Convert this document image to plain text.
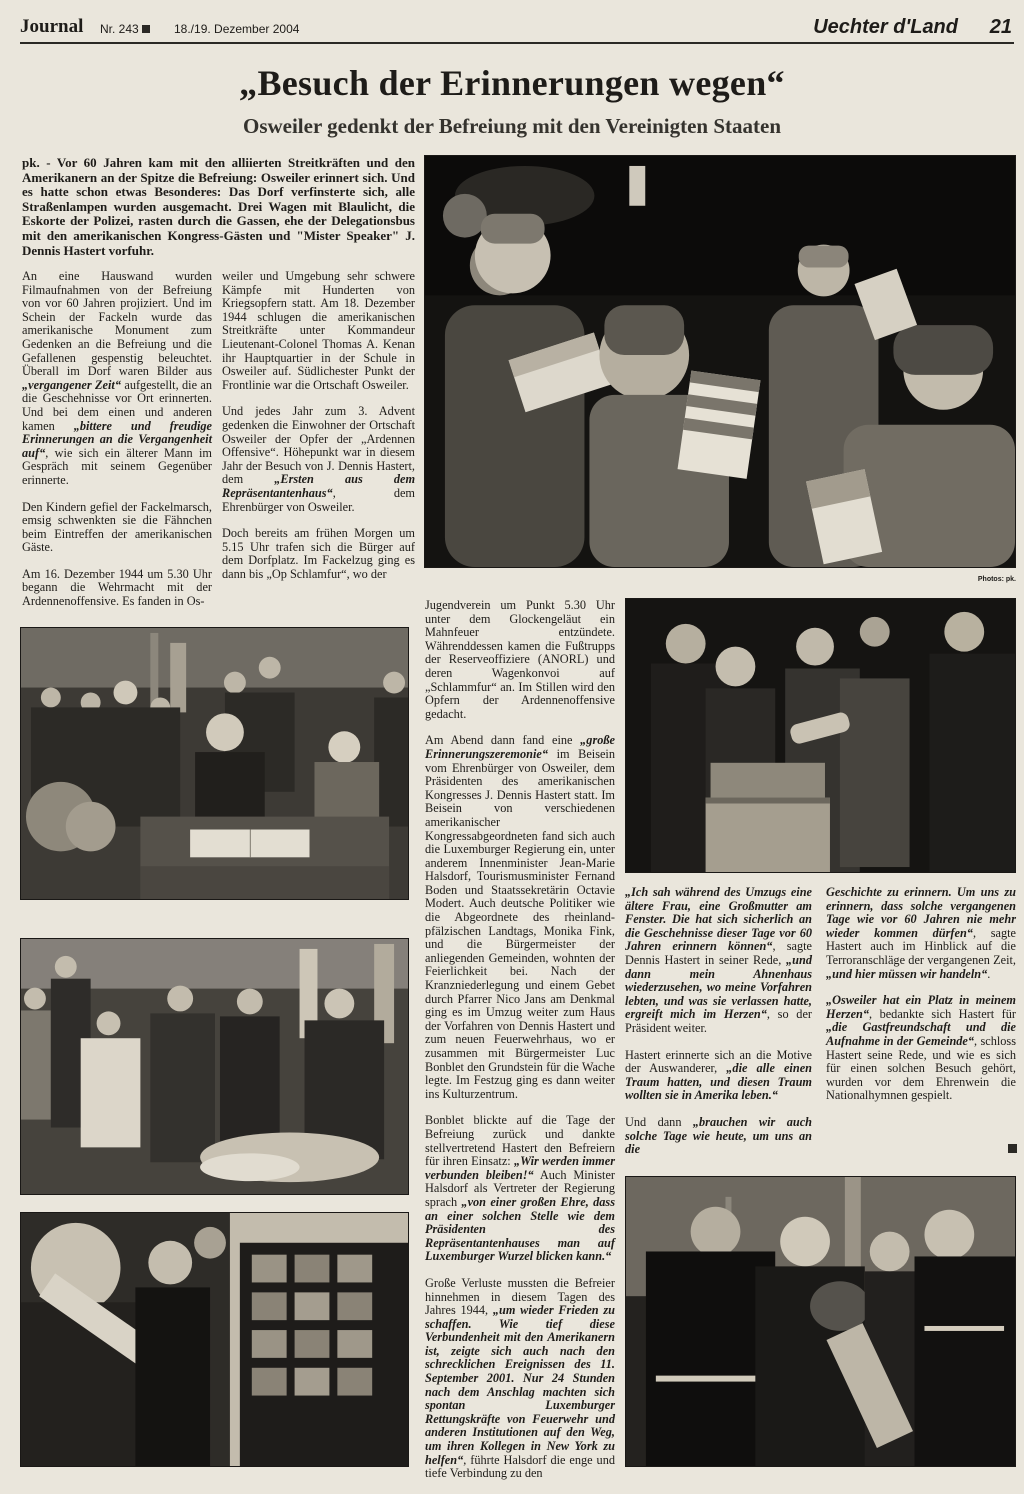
Journal Nr. 243	18./19. Dezember 2004	Uechter d'Land 21
„Besuch der Erinnerungen wegen“
Osweiler gedenkt der Befreiung mit den Vereinigten Staaten
pk. - Vor 60 Jahren kam mit den alliierten Streitkräften und den Amerikanern an der Spitze die Befreiung: Osweiler erinnert sich. Und es hatte schon etwas Besonderes: Das Dorf verfinsterte sich, alle Straßenlampen wurden ausgemacht. Drei Wagen mit Blaulicht, die Eskorte der Polizei, rasten durch die Gassen, ehe der Delegationsbus mit den amerikanischen Kongress-Gästen und "Mister Speaker" J. Dennis Hastert vorfuhr.

An eine Hauswand wurden Filmaufnahmen von der Befreiung von vor 60 Jahren projiziert. Und im Schein der Fackeln wurde das amerikanische Monument zum Gedenken an die Befreiung und die Gefallenen gespenstig beleuchtet. Überall im Dorf waren Bilder aus „vergangener Zeit“ aufgestellt, die an die Geschehnisse vor Ort erinnerten. Und bei dem einen und anderen kamen „bittere und freudige Erinnerungen an die Vergangenheit auf“, wie sich ein älterer Mann im Gespräch mit seinem Gegenüber erinnerte.

Den Kindern gefiel der Fackelmarsch, emsig schwenkten sie die Fähnchen beim Eintreffen der amerikanischen Gäste.

Am 16. Dezember 1944 um 5.30 Uhr begann die Wehrmacht mit der Ardennenoffensive. Es fanden in Os-

weiler und Umgebung sehr schwere Kämpfe mit Hunderten von Kriegsopfern statt. Am 18. Dezember 1944 schlugen die amerikanischen Streitkräfte unter Kommandeur Lieutenant-Colonel Thomas A. Kenan ihr Hauptquartier in der Schule in Osweiler auf. Südlichester Punkt der Frontlinie war die Ortschaft Osweiler.

Und jedes Jahr zum 3. Advent gedenken die Einwohner der Ortschaft Osweiler der Opfer der „Ardennen Offensive“. Höhepunkt war in diesem Jahr der Besuch von J. Dennis Hastert, dem „Ersten aus dem Repräsentantenhaus“, dem Ehrenbürger von Osweiler.

Doch bereits am frühen Morgen um 5.15 Uhr trafen sich die Bürger auf dem Dorfplatz. Im Fackelzug ging es dann bis „Op Schlamfur“, wo der

Jugendverein um Punkt 5.30 Uhr unter dem Glockengeläut ein Mahnfeuer entzündete. Währenddessen kamen die Fußtrupps der Reserveoffiziere (ANORL) und deren Wagenkonvoi auf „Schlammfur“ an. Im Stillen wird den Opfern der Ardennenoffensive gedacht.

Am Abend dann fand eine „große Erinnerungszeremonie“ im Beisein vom Ehrenbürger von Osweiler, dem Präsidenten des amerikanischen Kongresses J. Dennis Hastert statt. Im Beisein von verschiedenen amerikanischer Kongressabgeordneten fand sich auch die Luxemburger Regierung ein, unter anderem Innenminister Jean-Marie Halsdorf, Tourismusminister Fernand Boden und Staatssekretärin Octavie Modert. Auch deutsche Politiker wie die Abgeordnete des rheinland-pfälzischen Landtags, Monika Fink, und die Bürgermeister der anliegenden Gemeinden, wohnten der Feierlichkeit bei. Nach der Kranzniederlegung und einem Gebet durch Pfarrer Nico Jans am Denkmal ging es im Umzug weiter zum Haus der Vorfahren von Dennis Hastert und zum neuen Feuerwehrhaus, wo er zusammen mit Bürgermeister Luc Bonblet den Grundstein für die Wache legte. Im Festzug ging es dann weiter ins Kulturzentrum.

Bonblet blickte auf die Tage der Befreiung zurück und dankte stellvertretend Hastert den Befreiern für ihren Einsatz: „Wir werden immer verbunden bleiben!“ Auch Minister Halsdorf als Vertreter der Regierung sprach „von einer großen Ehre, dass an einer solchen Stelle wie dem Präsidenten des Repräsentantenhauses man auf Luxemburger Wurzel blicken kann.“

Große Verluste mussten die Befreier hinnehmen in diesem Tagen des Jahres 1944, „um wieder Frieden zu schaffen. Wie tief diese Verbundenheit mit den Amerikanern ist, zeigte sich auch nach den schrecklichen Ereignissen des 11. September 2001. Nur 24 Stunden nach dem Anschlag machten sich spontan Luxemburger Rettungskräfte von Feuerwehr und anderen Institutionen auf den Weg, um ihren Kollegen in New York zu helfen“, führte Halsdorf die enge und tiefe Verbindung zu den

„Ich sah während des Umzugs eine ältere Frau, eine Großmutter am Fenster. Die hat sich sicherlich an die Geschehnisse dieser Tage vor 60 Jahren erinnern können“, sagte Dennis Hastert in seiner Rede, „und dann mein Ahnenhaus wiederzusehen, wo meine Vorfahren lebten, und was sie verlassen hatte, ergreift mich im Herzen“, so der Präsident weiter.

Hastert erinnerte sich an die Motive der Auswanderer, „die alle einen Traum hatten, und diesen Traum wollten sie in Amerika leben.“

Und dann „brauchen wir auch solche Tage wie heute, um uns an die

Geschichte zu erinnern. Um uns zu erinnern, dass solche vergangenen Tage wie vor 60 Jahren nie mehr wieder kommen dürfen“, sagte Hastert auch im Hinblick auf die Terroranschläge der vergangenen Zeit, „und hier müssen wir handeln“.

„Osweiler hat ein Platz in meinem Herzen“, bedankte sich Hastert für „die Gastfreundschaft und die Aufnahme in der Gemeinde“, schloss Hastert seine Rede, und wie es sich für einen solchen Besuch gehört, wurden vor dem Ehrenwein die Nationalhymnen gespielt.

Photos: pk.
